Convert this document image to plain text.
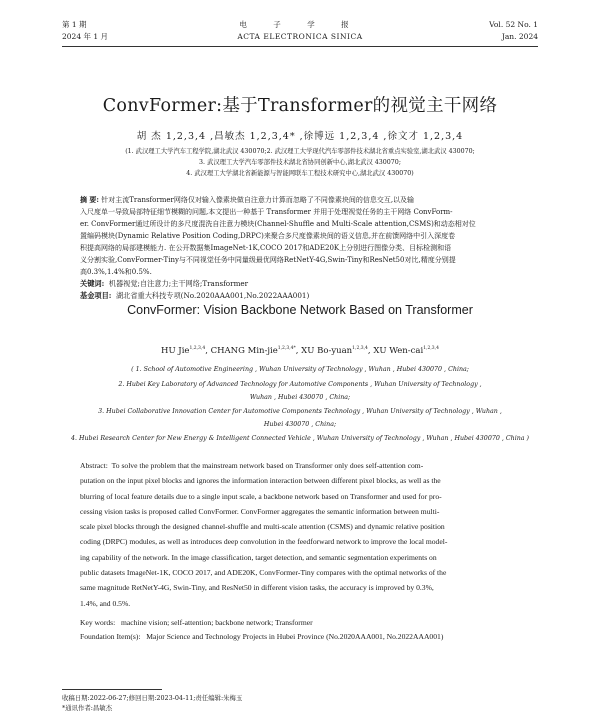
第 1 期
2024 年 1 月
电 子 学 报
ACTA ELECTRONICA SINICA
Vol. 52 No. 1
Jan. 2024
ConvFormer:基于Transformer的视觉主干网络
胡 杰 1,2,3,4 ,昌敏杰 1,2,3,4* ,徐博远 1,2,3,4 ,徐文才 1,2,3,4
(1. 武汉理工大学汽车工程学院,湖北武汉 430070;2. 武汉理工大学现代汽车零部件技术湖北省重点实验室,湖北武汉 430070;
3. 武汉理工大学汽车零部件技术湖北省协同创新中心,湖北武汉 430070;
4. 武汉理工大学湖北省新能源与智能网联车工程技术研究中心,湖北武汉 430070)
摘 要: 针对主流Transformer网络仅对输入像素块做自注意力计算而忽略了不同像素块间的信息交互,以及输
入尺度单一导致局部特征细节模糊的问题,本文提出一种基于 Transformer 并用于处理视觉任务的主干网络 ConvForm-
er. ConvFormer通过所设计的多尺度混洗自注意力模块(Channel-Shuffle and Multi-Scale attention,CSMS)和动态相对位
置编码模块(Dynamic Relative Position Coding,DRPC)来聚合多尺度像素块间的语义信息,并在前馈网络中引入深度卷
积提高网络的局部建模能力. 在公开数据集ImageNet-1K,COCO 2017和ADE20K上分别进行图像分类、目标检测和语
义分割实验,ConvFormer-Tiny与不同视觉任务中同量级最优网络RetNetY-4G,Swin-Tiny和ResNet50对比,精度分别提
高0.3%,1.4%和0.5%.
关键词: 机器视觉;自注意力;主干网络;Transformer
基金项目: 湖北省重大科技专项(No.2020AAA001,No.2022AAA001)
ConvFormer: Vision Backbone Network Based on Transformer
HU Jie$^{1,2,3,4}$, CHANG Min-jie$^{1,2,3,4*}$, XU Bo-yuan$^{1,2,3,4}$, XU Wen-cai$^{1,2,3,4}$
( 1. School of Automotive Engineering , Wuhan University of Technology , Wuhan , Hubei 430070 , China;
2. Hubei Key Laboratory of Advanced Technology for Automotive Components , Wuhan University of Technology ,
Wuhan , Hubei 430070 , China;
3. Hubei Collaborative Innovation Center for Automotive Components Technology , Wuhan University of Technology , Wuhan ,
Hubei 430070 , China;
4. Hubei Research Center for New Energy & Intelligent Connected Vehicle , Wuhan University of Technology , Wuhan , Hubei 430070 , China )
Abstract: To solve the problem that the mainstream network based on Transformer only does self-attention com-
putation on the input pixel blocks and ignores the information interaction between different pixel blocks, as well as the
blurring of local feature details due to a single input scale, a backbone network based on Transformer and used for pro-
cessing vision tasks is proposed called ConvFormer. ConvFormer aggregates the semantic information between multi-
scale pixel blocks through the designed channel-shuffle and multi-scale attention (CSMS) and dynamic relative position
coding (DRPC) modules, as well as introduces deep convolution in the feedforward network to improve the local model-
ing capability of the network. In the image classification, target detection, and semantic segmentation experiments on
public datasets ImageNet-1K, COCO 2017, and ADE20K, ConvFormer-Tiny compares with the optimal networks of the
same magnitude RetNetY-4G, Swin-Tiny, and ResNet50 in different vision tasks, the accuracy is improved by 0.3%,
1.4%, and 0.5%.
Key words: machine vision; self-attention; backbone network; Transformer
Foundation Item(s): Major Science and Technology Projects in Hubei Province (No.2020AAA001, No.2022AAA001)
收稿日期:2022-06-27;修回日期:2023-04-11;责任编辑:朱梅玉
*通讯作者:昌敏杰
